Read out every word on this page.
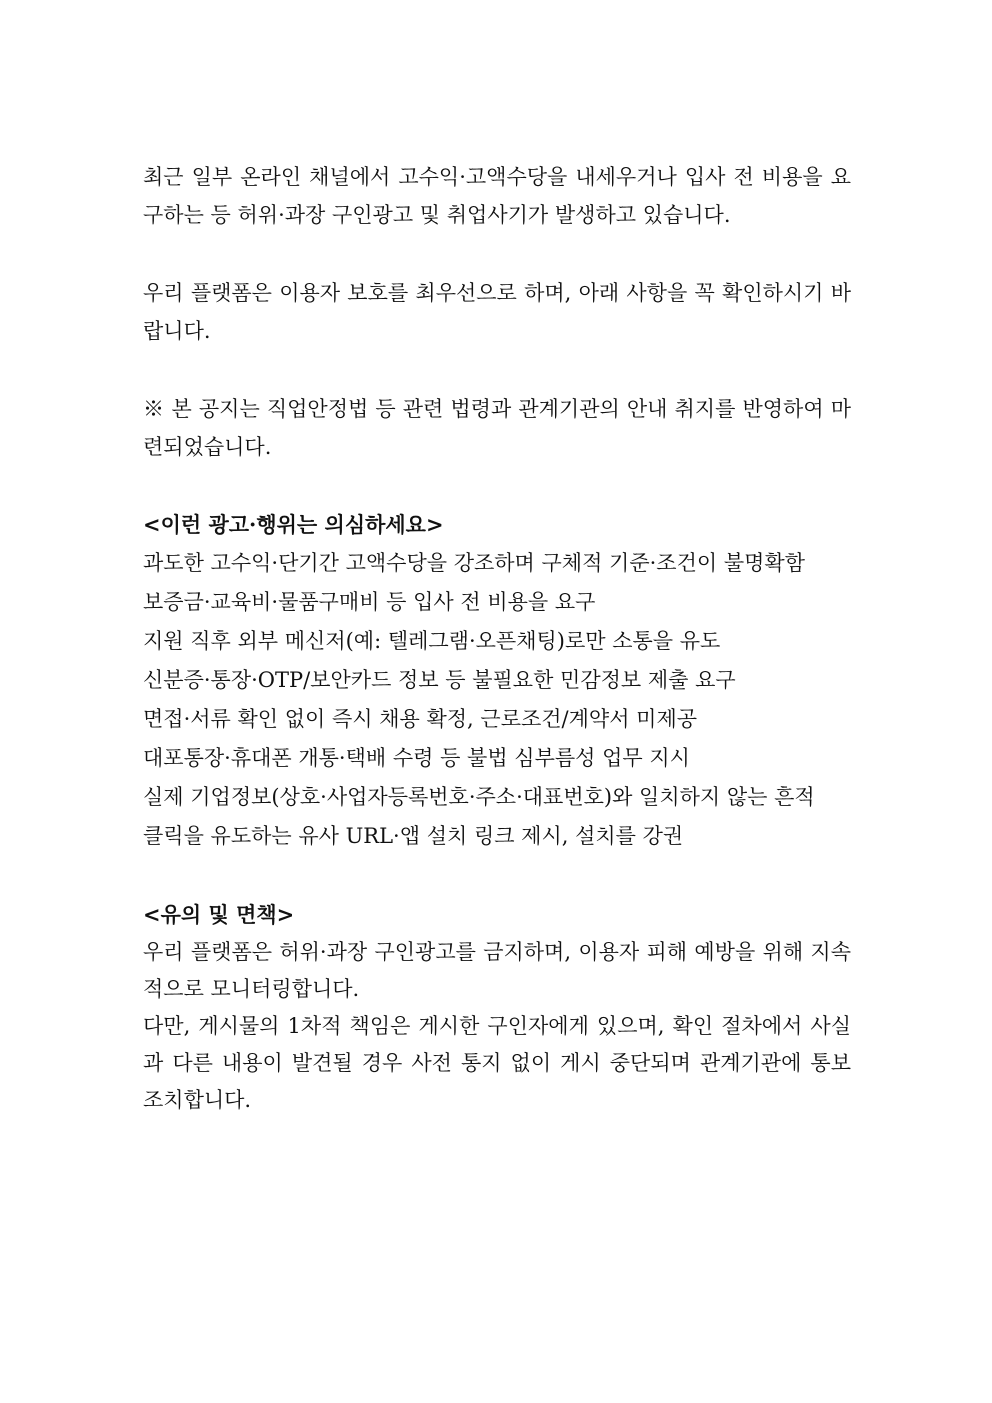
최근 일부 온라인 채널에서 고수익·고액수당을 내세우거나 입사 전 비용을 요구하는 등 허위·과장 구인광고 및 취업사기가 발생하고 있습니다.

우리 플랫폼은 이용자 보호를 최우선으로 하며, 아래 사항을 꼭 확인하시기 바랍니다.

※ 본 공지는 직업안정법 등 관련 법령과 관계기관의 안내 취지를 반영하여 마련되었습니다.

<이런 광고·행위는 의심하세요>

과도한 고수익·단기간 고액수당을 강조하며 구체적 기준·조건이 불명확함

보증금·교육비·물품구매비 등 입사 전 비용을 요구

지원 직후 외부 메신저(예: 텔레그램·오픈채팅)로만 소통을 유도

신분증·통장·OTP/보안카드 정보 등 불필요한 민감정보 제출 요구

면접·서류 확인 없이 즉시 채용 확정, 근로조건/계약서 미제공

대포통장·휴대폰 개통·택배 수령 등 불법 심부름성 업무 지시

실제 기업정보(상호·사업자등록번호·주소·대표번호)와 일치하지 않는 흔적

클릭을 유도하는 유사 URL·앱 설치 링크 제시, 설치를 강권

<유의 및 면책>

우리 플랫폼은 허위·과장 구인광고를 금지하며, 이용자 피해 예방을 위해 지속적으로 모니터링합니다.

다만, 게시물의 1차적 책임은 게시한 구인자에게 있으며, 확인 절차에서 사실과 다른 내용이 발견될 경우 사전 통지 없이 게시 중단되며 관계기관에 통보 조치합니다.
